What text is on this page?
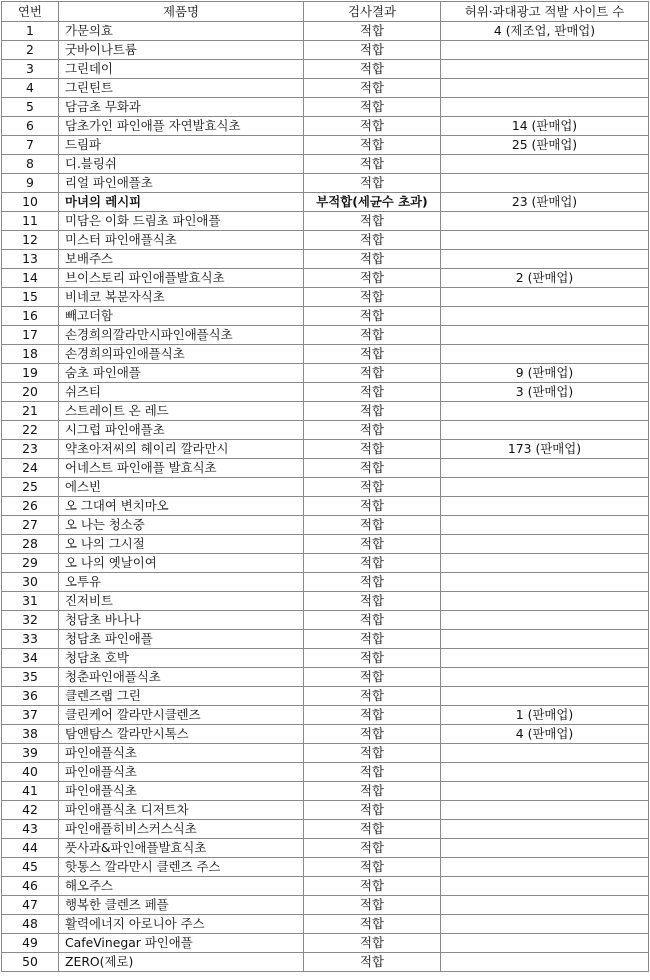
연번	제품명	검사결과	허위·과대광고 적발 사이트 수
1	가문의효	적합	4 (제조업, 판매업)
2	굿바이나트륨	적합	
3	그린데이	적합	
4	그린틴트	적합	
5	담금초 무화과	적합	
6	담초가인 파인애플 자연발효식초	적합	14 (판매업)
7	드림파	적합	25 (판매업)
8	디.블링쉬	적합	
9	리얼 파인애플초	적합	
10	마녀의 레시피	부적합(세균수 초과)	23 (판매업)
11	미담은 이화 드림초 파인애플	적합	
12	미스터 파인애플식초	적합	
13	보배주스	적합	
14	브이스토리 파인애플발효식초	적합	2 (판매업)
15	비네코 복분자식초	적합	
16	빼고더함	적합	
17	손경희의깔라만시파인애플식초	적합	
18	손경희의파인애플식초	적합	
19	숨초 파인애플	적합	9 (판매업)
20	쉬즈티	적합	3 (판매업)
21	스트레이트 온 레드	적합	
22	시그럽 파인애플초	적합	
23	약초아저씨의 헤이리 깔라만시	적합	173 (판매업)
24	어네스트 파인애플 발효식초	적합	
25	에스빈	적합	
26	오 그대여 변치마오	적합	
27	오 나는 청소중	적합	
28	오 나의 그시절	적합	
29	오 나의 옛날이여	적합	
30	오투유	적합	
31	진저비트	적합	
32	청담초 바나나	적합	
33	청담초 파인애플	적합	
34	청담초 호박	적합	
35	청춘파인애플식초	적합	
36	클렌즈랩 그린	적합	
37	클린케어 깔라만시클렌즈	적합	1 (판매업)
38	탐앤탐스 깔라만시톡스	적합	4 (판매업)
39	파인애플식초	적합	
40	파인애플식초	적합	
41	파인애플식초	적합	
42	파인애플식초 디저트차	적합	
43	파인애플히비스커스식초	적합	
44	풋사과&파인애플발효식초	적합	
45	핫통스 깔라만시 클렌즈 주스	적합	
46	해오주스	적합	
47	행복한 클렌즈 페플	적합	
48	활력에너지 아로니아 주스	적합	
49	CafeVinegar 파인애플	적합	
50	ZERO(제로)	적합	
